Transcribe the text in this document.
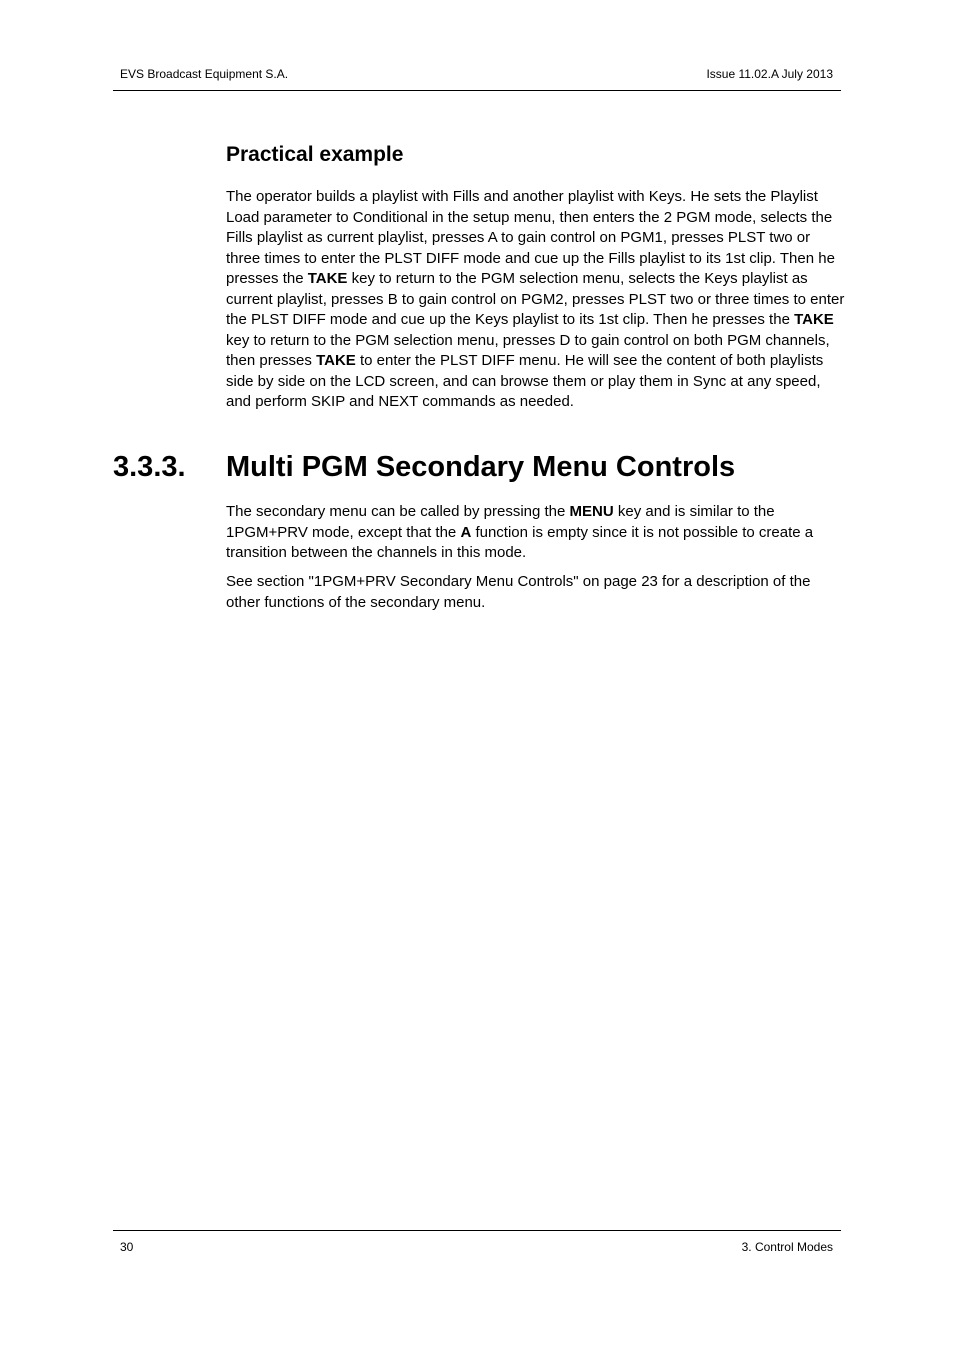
EVS Broadcast Equipment S.A.	Issue 11.02.A July 2013
Practical example

The operator builds a playlist with Fills and another playlist with Keys. He sets the Playlist Load parameter to Conditional in the setup menu, then enters the 2 PGM mode, selects the Fills playlist as current playlist, presses A to gain control on PGM1, presses PLST two or three times to enter the PLST DIFF mode and cue up the Fills playlist to its 1st clip. Then he presses the TAKE key to return to the PGM selection menu, selects the Keys playlist as current playlist, presses B to gain control on PGM2, presses PLST two or three times to enter the PLST DIFF mode and cue up the Keys playlist to its 1st clip. Then he presses the TAKE key to return to the PGM selection menu, presses D to gain control on both PGM channels, then presses TAKE to enter the PLST DIFF menu. He will see the content of both playlists side by side on the LCD screen, and can browse them or play them in Sync at any speed, and perform SKIP and NEXT commands as needed.

3.3.3. Multi PGM Secondary Menu Controls

The secondary menu can be called by pressing the MENU key and is similar to the 1PGM+PRV mode, except that the A function is empty since it is not possible to create a transition between the channels in this mode.

See section "1PGM+PRV Secondary Menu Controls" on page 23 for a description of the other functions of the secondary menu.

30	3. Control Modes
